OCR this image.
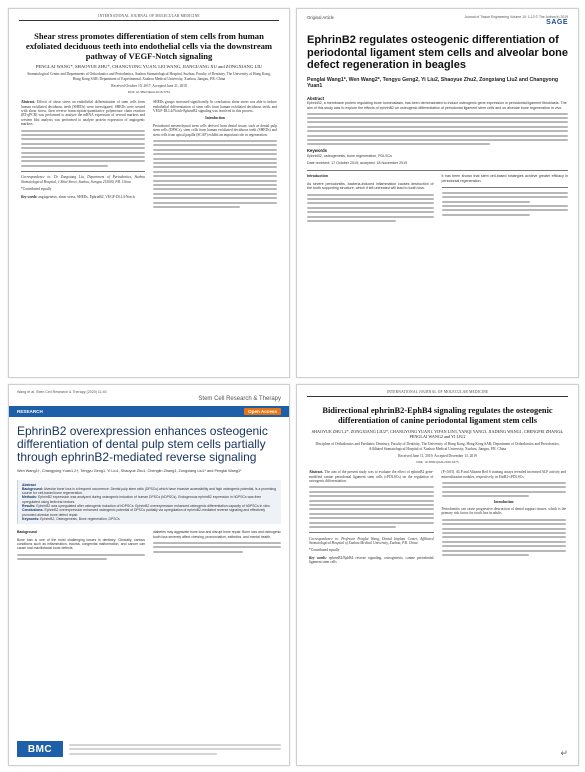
INTERNATIONAL JOURNAL OF MOLECULAR MEDICINE
Shear stress promotes differentiation of stem cells from human exfoliated deciduous teeth into endothelial cells via the downstream pathway of VEGF-Notch signaling
PENGLAI WANG*, SHAOYUE ZHU*, CHANGYONG YUAN, LEI WANG, JIANGUANG XU and ZONGXIANG LIU
Stomatological Center and Departments of Orthodontics and Periodontics, Suzhou Stomatological Hospital, Suzhou; Faculty of Dentistry, The University of Hong Kong, Hong Kong SAR; Department of Experimental, Xuzhou Medical University, Xuzhou, Jiangsu, P.R. China
Received October 10, 2017; Accepted June 21, 2018
DOI: 10.3892/ijmm.2018.3761

Abstract. Effects of shear stress on endothelial differentiation of stem cells from human exfoliated deciduous teeth (SHEDs) were investigated. SHEDs were treated with shear stress, then reverse transcription-quantitative polymerase chain reaction (RT-qPCR) was performed to analyze the mRNA expression of several markers and western blot analysis was performed to analyze protein expression of angiogenic markers.

Correspondence to: Dr Zongxiang Liu, Department of Periodontics, Suzhou Stomatological Hospital, 1 Shizi Street, Suzhou, Jiangsu 215000, P.R. China

*Contributed equally

Key words: angiogenesis, shear stress, SHEDs, EphrinB2, VEGF-DLL4-Notch

SHEDs groups increased significantly. In conclusion, shear stress was able to induce endothelial differentiation of stem cells from human exfoliated deciduous teeth, and VEGF-DLL4/Notch-EphrinB2 signaling was involved in this process.

Introduction

Periodontal mesenchymal stem cells derived from dental tissue, such as dental pulp stem cells (DPSCs), stem cells from human exfoliated deciduous teeth (SHEDs) and stem cells from apical papilla (SCAP) exhibit an important role in regeneration.

Original Article	Journal of Tissue Engineering Volume 10: 1-13 © The Author(s) 2019
SAGE
EphrinB2 regulates osteogenic differentiation of periodontal ligament stem cells and alveolar bone defect regeneration in beagles
Penglai Wang1*, Wen Wang2*, Tengyu Geng2, Yi Liu2, Shaoyue Zhu2, Zongxiang Liu2 and Changyong Yuan1
Abstract
EphrinB2, a membrane protein regulating bone homeostasis, has been demonstrated to induce osteogenic gene expression in periodontal ligament fibroblasts. The aim of this study was to explore the effects of ephrinB2 on osteogenic differentiation of periodontal ligament stem cells and on alveolar bone regeneration in vivo.
Keywords
EphrinB2, osteogenesis, bone regeneration, PDLSCs
Date received: 17 October 2019; accepted: 18 November 2019

Introduction

As severe periodontitis, bacteria-induced inflammation causes destruction of the tooth supporting structure, which if left untreated will lead to tooth loss.

It has been shown that stem cell-based strategies achieve greater efficacy in periodontal regeneration.

Wang et al. Stem Cell Research & Therapy (2020) 11:40
Stem Cell Research & Therapy
RESEARCH	Open Access
EphrinB2 overexpression enhances osteogenic differentiation of dental pulp stem cells partially through ephrinB2-mediated reverse signaling
Wen Wang1†, Changyong Yuan1,2†, Tengyu Geng1, Yi Liu1, Shaoyue Zhu1, Chenglin Zhang1, Zongxiang Liu1* and Penglai Wang1*
Abstract
Background: Alveolar bone loss is a frequent occurrence. Dental pulp stem cells (DPSCs) which have invasive accessibility and high osteogenic potential, is a promising source for cell-based bone regeneration.
Methods: EphrinB2 expression was analyzed during osteogenic induction of human DPSCs (hDPSCs). Endogenous ephrinB2 expression in hDPSCs was then upregulated using lentiviral vectors.
Results: EphrinB2 was upregulated after osteogenic induction of hDPSCs. EphrinB2 overexpression enhanced osteogenic differentiation capacity of hDPSCs in vitro.
Conclusions: EphrinB2 overexpression enhanced osteogenic potential of DPSCs partially via upregulation of ephrinB2-mediated reverse signaling and effectively promoted alveolar bone defect repair.
Keywords: EphrinB2, Osteogenesis, Bone regeneration, DPSCs

Background

Bone loss is one of the most challenging issues in dentistry. Clinically, various conditions such as inflammation, trauma, congenital malformation, and cancer can cause oral maxillofacial bone defects.

diabetes may aggravate bone loss and disrupt bone repair. Bone loss and osteogenic tooth loss severely affect chewing, pronunciation, esthetics, and mental health.

BMC
INTERNATIONAL JOURNAL OF MOLECULAR MEDICINE
Bidirectional ephrinB2-EphB4 signaling regulates the osteogenic differentiation of canine periodontal ligament stem cells
SHAOYUE ZHU1,2*, ZONGXIANG LIU2*, CHANGYONG YUAN1, YIFAN LIN3, YANQI YANG3, JIADENG WANG1, CHENGFEI ZHANG4, PENGLAI WANG2 and YI LIU2
Discipline of Orthodontics and Paediatric Dentistry, Faculty of Dentistry, The University of Hong Kong, Hong Kong SAR; Department of Orthodontics and Periodontics, Affiliated Stomatological Hospital of Xuzhou Medical University, Xuzhou, Jiangsu, P.R. China
Received June 11, 2019; Accepted December 13, 2019
DOI: 10.3892/ijmm.2020.4475

Abstract. The aim of the present study was to evaluate the effect of ephrinB2 gene-modified canine periodontal ligament stem cells (cPDLSCs) on the regulation of osteogenic differentiation.

Correspondence to: Professor Penglai Wang, Dental Implant Center, Affiliated Stomatological Hospital of Xuzhou Medical University, Xuzhou, P.R. China

*Contributed equally

Key words: ephrinB2/EphB4 reverse signaling, osteogenesis, canine periodontal ligament stem cells

(P<0.05). ALP and Alizarin Red S staining assays revealed increased ALP activity and mineralization nodules, respectively, in EfnB2-cPDLSCs.

Introduction

Periodontitis can cause progressive destruction of dental support tissues, which is the primary risk factor for tooth loss in adults.

↵
